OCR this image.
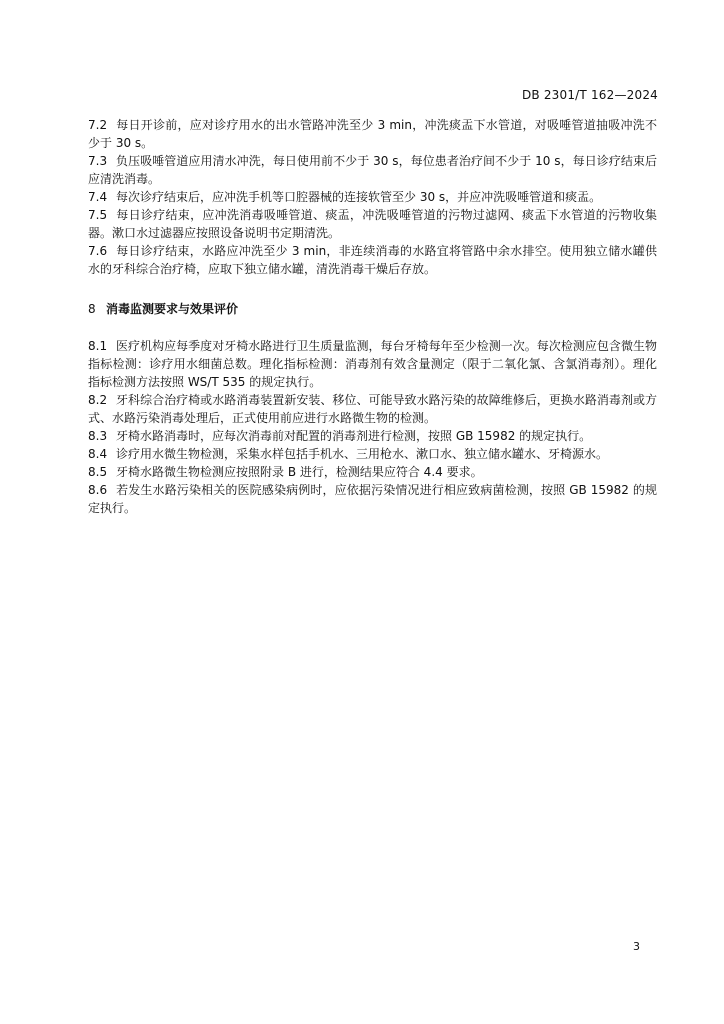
DB 2301/T 162—2024

7.2 每日开诊前，应对诊疗用水的出水管路冲洗至少 3 min，冲洗痰盂下水管道，对吸唾管道抽吸冲洗不少于 30 s。

7.3 负压吸唾管道应用清水冲洗，每日使用前不少于 30 s，每位患者治疗间不少于 10 s，每日诊疗结束后应清洗消毒。

7.4 每次诊疗结束后，应冲洗手机等口腔器械的连接软管至少 30 s，并应冲洗吸唾管道和痰盂。

7.5 每日诊疗结束，应冲洗消毒吸唾管道、痰盂，冲洗吸唾管道的污物过滤网、痰盂下水管道的污物收集器。漱口水过滤器应按照设备说明书定期清洗。

7.6 每日诊疗结束，水路应冲洗至少 3 min，非连续消毒的水路宜将管路中余水排空。使用独立储水罐供水的牙科综合治疗椅，应取下独立储水罐，清洗消毒干燥后存放。

8 消毒监测要求与效果评价

8.1 医疗机构应每季度对牙椅水路进行卫生质量监测，每台牙椅每年至少检测一次。每次检测应包含微生物指标检测：诊疗用水细菌总数。理化指标检测：消毒剂有效含量测定（限于二氧化氯、含氯消毒剂）。理化指标检测方法按照 WS/T 535 的规定执行。

8.2 牙科综合治疗椅或水路消毒装置新安装、移位、可能导致水路污染的故障维修后，更换水路消毒剂或方式、水路污染消毒处理后，正式使用前应进行水路微生物的检测。

8.3 牙椅水路消毒时，应每次消毒前对配置的消毒剂进行检测，按照 GB 15982 的规定执行。

8.4 诊疗用水微生物检测，采集水样包括手机水、三用枪水、漱口水、独立储水罐水、牙椅源水。

8.5 牙椅水路微生物检测应按照附录 B 进行，检测结果应符合 4.4 要求。

8.6 若发生水路污染相关的医院感染病例时，应依据污染情况进行相应致病菌检测，按照 GB 15982 的规定执行。

3
